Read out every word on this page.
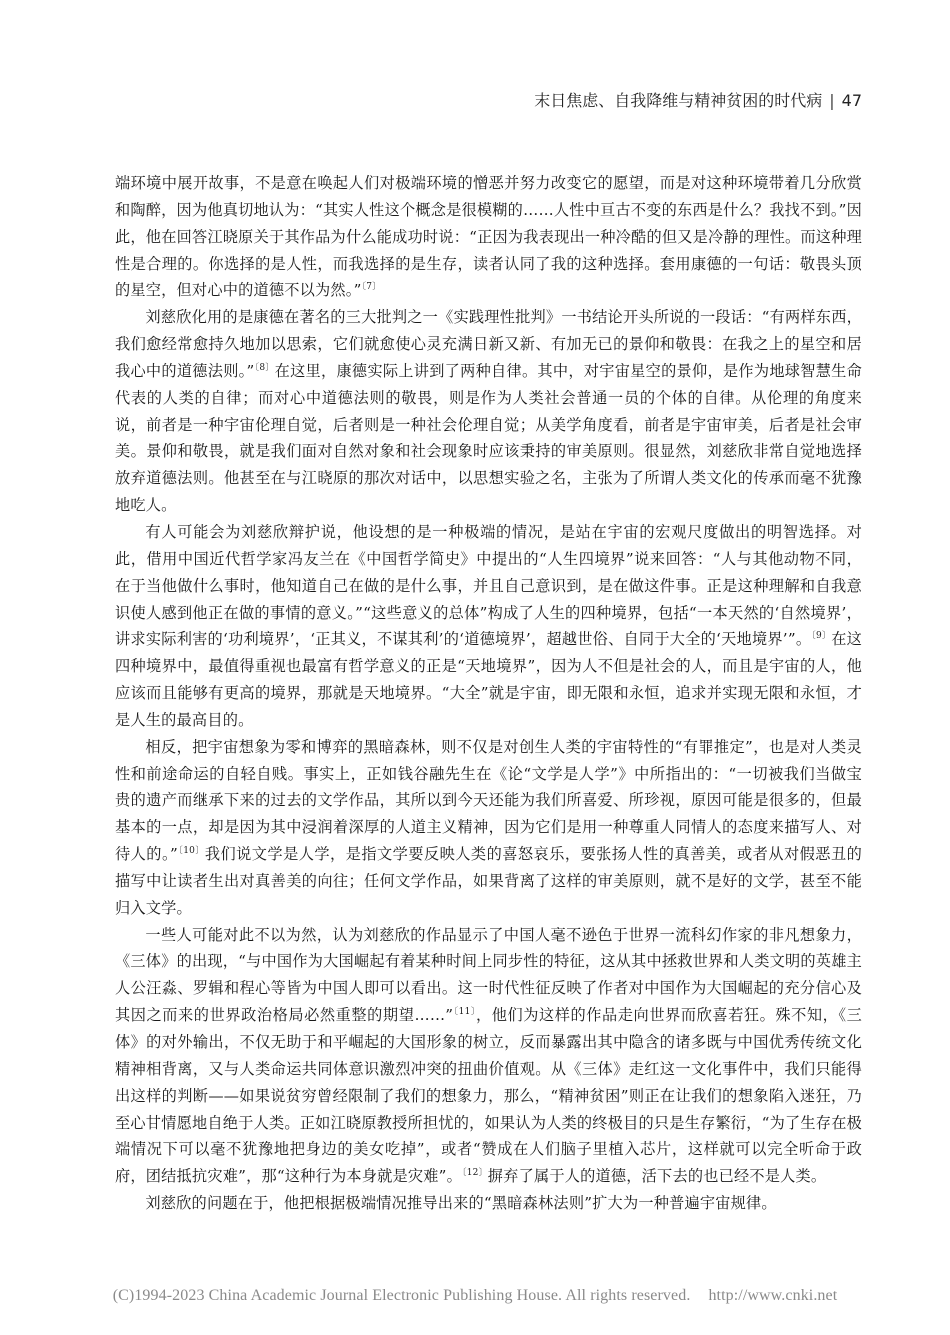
末日焦虑、自我降维与精神贫困的时代病 | 47

端环境中展开故事，不是意在唤起人们对极端环境的憎恶并努力改变它的愿望，而是对这种环境带着几分欣赏和陶醉，因为他真切地认为：“其实人性这个概念是很模糊的……人性中亘古不变的东西是什么？我找不到。”因此，他在回答江晓原关于其作品为什么能成功时说：“正因为我表现出一种冷酷的但又是冷静的理性。而这种理性是合理的。你选择的是人性，而我选择的是生存，读者认同了我的这种选择。套用康德的一句话：敬畏头顶的星空，但对心中的道德不以为然。”$^{〔7〕}$

刘慈欣化用的是康德在著名的三大批判之一《实践理性批判》一书结论开头所说的一段话：“有两样东西，我们愈经常愈持久地加以思索，它们就愈使心灵充满日新又新、有加无已的景仰和敬畏：在我之上的星空和居我心中的道德法则。”$^{〔8〕}$在这里，康德实际上讲到了两种自律。其中，对宇宙星空的景仰，是作为地球智慧生命代表的人类的自律；而对心中道德法则的敬畏，则是作为人类社会普通一员的个体的自律。从伦理的角度来说，前者是一种宇宙伦理自觉，后者则是一种社会伦理自觉；从美学角度看，前者是宇宙审美，后者是社会审美。景仰和敬畏，就是我们面对自然对象和社会现象时应该秉持的审美原则。很显然，刘慈欣非常自觉地选择放弃道德法则。他甚至在与江晓原的那次对话中，以思想实验之名，主张为了所谓人类文化的传承而毫不犹豫地吃人。

有人可能会为刘慈欣辩护说，他设想的是一种极端的情况，是站在宇宙的宏观尺度做出的明智选择。对此，借用中国近代哲学家冯友兰在《中国哲学简史》中提出的“人生四境界”说来回答：“人与其他动物不同，在于当他做什么事时，他知道自己在做的是什么事，并且自己意识到，是在做这件事。正是这种理解和自我意识使人感到他正在做的事情的意义。”“这些意义的总体”构成了人生的四种境界，包括“一本天然的‘自然境界’，讲求实际利害的‘功利境界’，‘正其义，不谋其利’的‘道德境界’，超越世俗、自同于大全的‘天地境界’”。$^{〔9〕}$在这四种境界中，最值得重视也最富有哲学意义的正是“天地境界”，因为人不但是社会的人，而且是宇宙的人，他应该而且能够有更高的境界，那就是天地境界。“大全”就是宇宙，即无限和永恒，追求并实现无限和永恒，才是人生的最高目的。

相反，把宇宙想象为零和博弈的黑暗森林，则不仅是对创生人类的宇宙特性的“有罪推定”，也是对人类灵性和前途命运的自轻自贱。事实上，正如钱谷融先生在《论“文学是人学”》中所指出的：“一切被我们当做宝贵的遗产而继承下来的过去的文学作品，其所以到今天还能为我们所喜爱、所珍视，原因可能是很多的，但最基本的一点，却是因为其中浸润着深厚的人道主义精神，因为它们是用一种尊重人同情人的态度来描写人、对待人的。”$^{〔10〕}$我们说文学是人学，是指文学要反映人类的喜怒哀乐，要张扬人性的真善美，或者从对假恶丑的描写中让读者生出对真善美的向往；任何文学作品，如果背离了这样的审美原则，就不是好的文学，甚至不能归入文学。

一些人可能对此不以为然，认为刘慈欣的作品显示了中国人毫不逊色于世界一流科幻作家的非凡想象力，《三体》的出现，“与中国作为大国崛起有着某种时间上同步性的特征，这从其中拯救世界和人类文明的英雄主人公汪淼、罗辑和程心等皆为中国人即可以看出。这一时代性征反映了作者对中国作为大国崛起的充分信心及其因之而来的世界政治格局必然重整的期望……”$^{〔11〕}$，他们为这样的作品走向世界而欣喜若狂。殊不知，《三体》的对外输出，不仅无助于和平崛起的大国形象的树立，反而暴露出其中隐含的诸多既与中国优秀传统文化精神相背离，又与人类命运共同体意识激烈冲突的扭曲价值观。从《三体》走红这一文化事件中，我们只能得出这样的判断——如果说贫穷曾经限制了我们的想象力，那么，“精神贫困”则正在让我们的想象陷入迷狂，乃至心甘情愿地自绝于人类。正如江晓原教授所担忧的，如果认为人类的终极目的只是生存繁衍，“为了生存在极端情况下可以毫不犹豫地把身边的美女吃掉”，或者“赞成在人们脑子里植入芯片，这样就可以完全听命于政府，团结抵抗灾难”，那“这种行为本身就是灾难”。$^{〔12〕}$摒弃了属于人的道德，活下去的也已经不是人类。

刘慈欣的问题在于，他把根据极端情况推导出来的“黑暗森林法则”扩大为一种普遍宇宙规律。

(C)1994-2023 China Academic Journal Electronic Publishing House. All rights reserved. http://www.cnki.net
